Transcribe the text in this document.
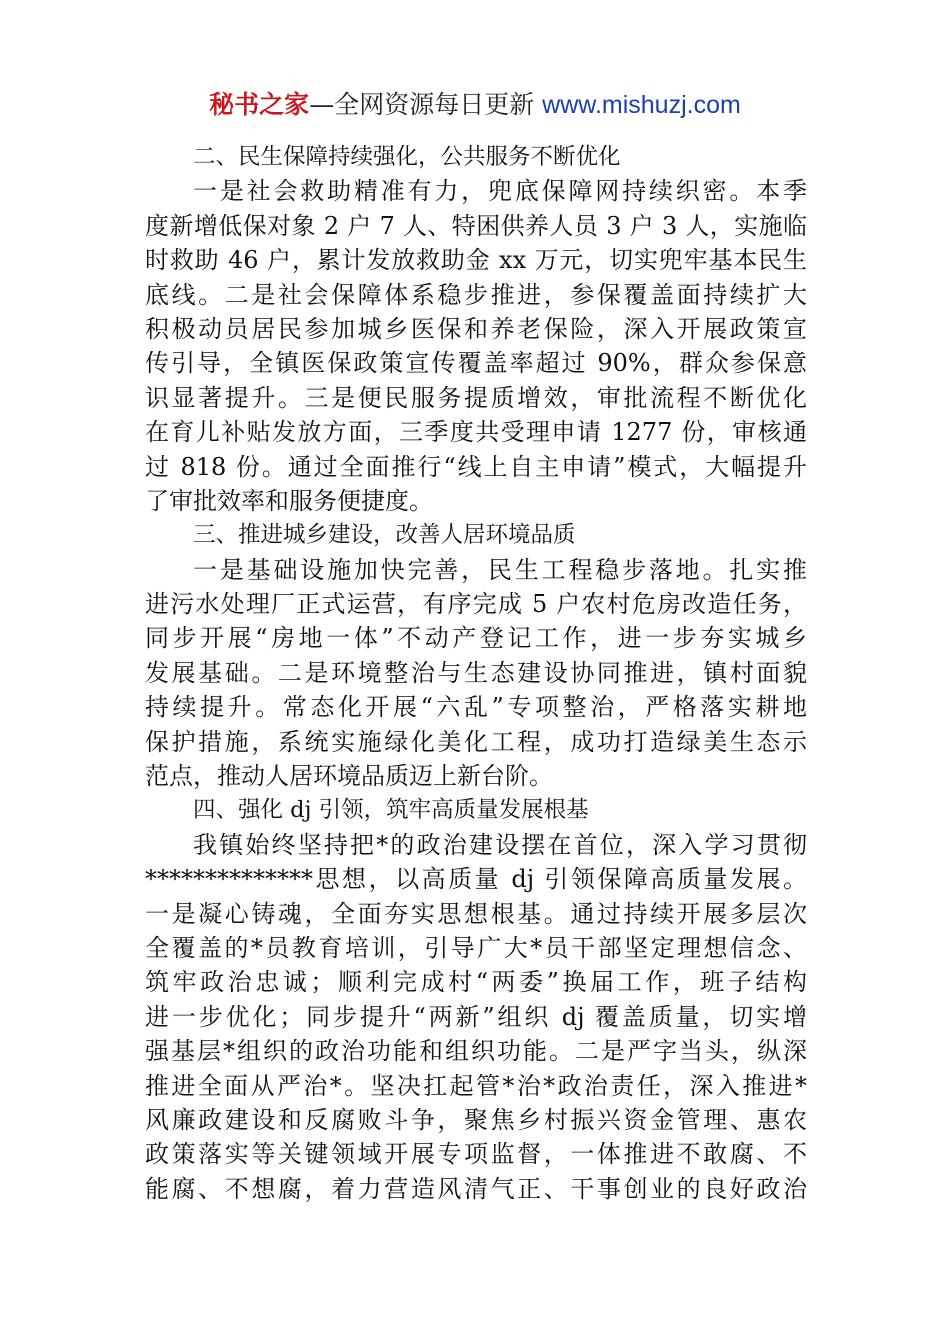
秘书之家—全网资源每日更新 www.mishuzj.com
二、民生保障持续强化，公共服务不断优化
一是社会救助精准有力，兜底保障网持续织密。本季
度新增低保对象 2 户 7 人、特困供养人员 3 户 3 人，实施临
时救助 46 户，累计发放救助金 xx 万元，切实兜牢基本民生
底线。二是社会保障体系稳步推进，参保覆盖面持续扩大
积极动员居民参加城乡医保和养老保险，深入开展政策宣
传引导，全镇医保政策宣传覆盖率超过 90%，群众参保意
识显著提升。三是便民服务提质增效，审批流程不断优化
在育儿补贴发放方面，三季度共受理申请 1277 份，审核通
过 818 份。通过全面推行“线上自主申请”模式，大幅提升
了审批效率和服务便捷度。
三、推进城乡建设，改善人居环境品质
一是基础设施加快完善，民生工程稳步落地。扎实推
进污水处理厂正式运营，有序完成 5 户农村危房改造任务，
同步开展“房地一体”不动产登记工作，进一步夯实城乡
发展基础。二是环境整治与生态建设协同推进，镇村面貌
持续提升。常态化开展“六乱”专项整治，严格落实耕地
保护措施，系统实施绿化美化工程，成功打造绿美生态示
范点，推动人居环境品质迈上新台阶。
四、强化 dj 引领，筑牢高质量发展根基
我镇始终坚持把*的政治建设摆在首位，深入学习贯彻
**************思想，以高质量 dj 引领保障高质量发展。
一是凝心铸魂，全面夯实思想根基。通过持续开展多层次
全覆盖的*员教育培训，引导广大*员干部坚定理想信念、
筑牢政治忠诚；顺利完成村“两委”换届工作，班子结构
进一步优化；同步提升“两新”组织 dj 覆盖质量，切实增
强基层*组织的政治功能和组织功能。二是严字当头，纵深
推进全面从严治*。坚决扛起管*治*政治责任，深入推进*
风廉政建设和反腐败斗争，聚焦乡村振兴资金管理、惠农
政策落实等关键领域开展专项监督，一体推进不敢腐、不
能腐、不想腐，着力营造风清气正、干事创业的良好政治
